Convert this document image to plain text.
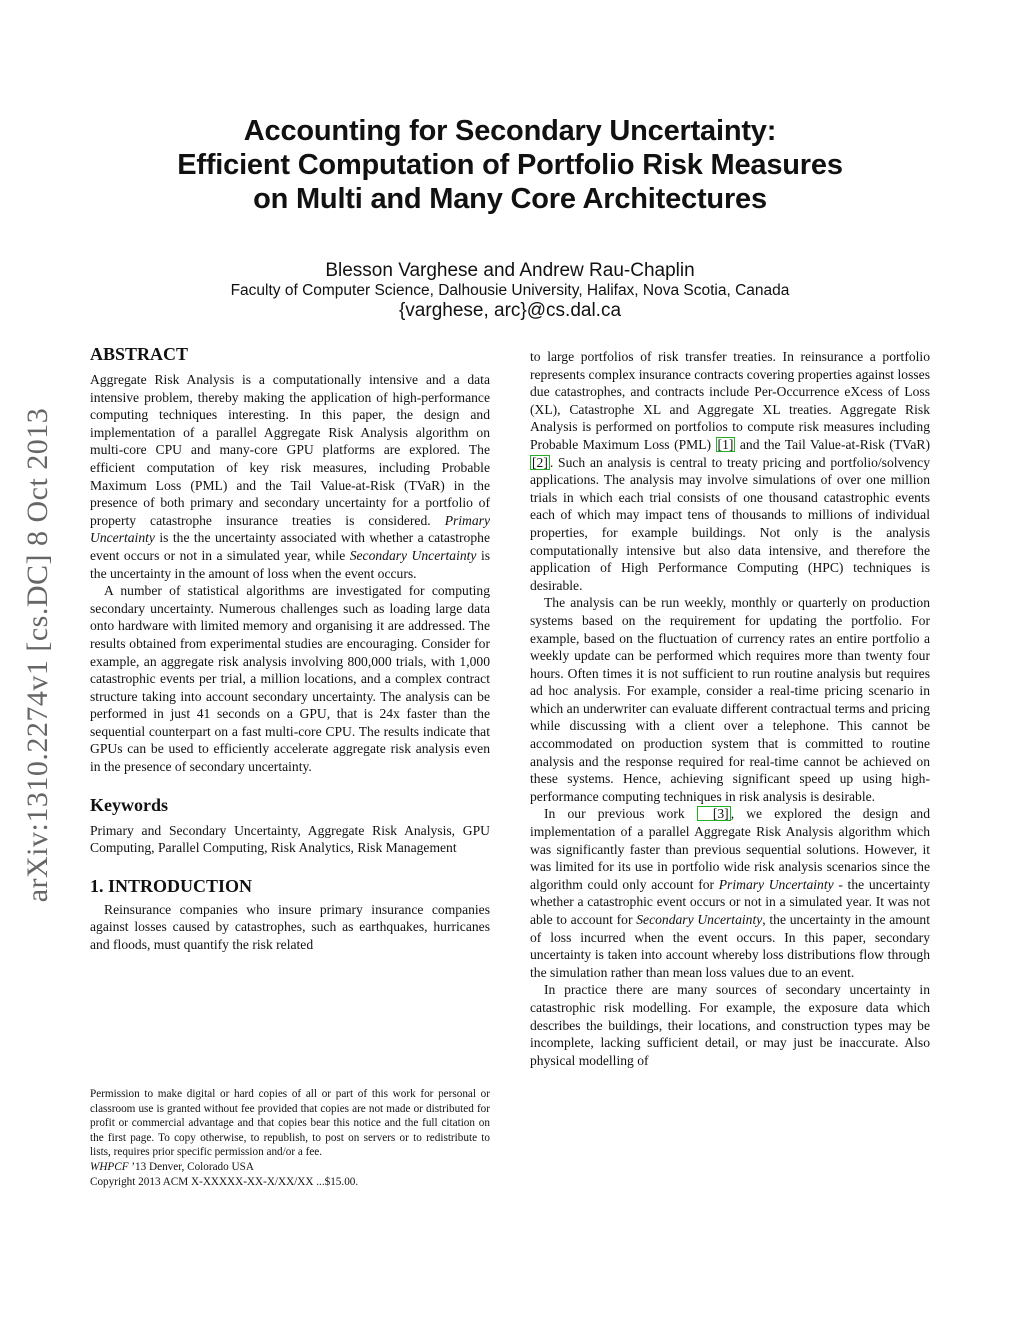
arXiv:1310.2274v1 [cs.DC] 8 Oct 2013
Accounting for Secondary Uncertainty:
Efficient Computation of Portfolio Risk Measures
on Multi and Many Core Architectures
Blesson Varghese and Andrew Rau-Chaplin
Faculty of Computer Science, Dalhousie University, Halifax, Nova Scotia, Canada
{varghese, arc}@cs.dal.ca
ABSTRACT

Aggregate Risk Analysis is a computationally intensive and a data intensive problem, thereby making the application of high-performance computing techniques interesting. In this paper, the design and implementation of a parallel Aggregate Risk Analysis algorithm on multi-core CPU and many-core GPU platforms are explored. The efficient computation of key risk measures, including Probable Maximum Loss (PML) and the Tail Value-at-Risk (TVaR) in the presence of both primary and secondary uncertainty for a portfolio of property catastrophe insurance treaties is considered. Primary Uncertainty is the the uncertainty associated with whether a catastrophe event occurs or not in a simulated year, while Secondary Uncertainty is the uncertainty in the amount of loss when the event occurs.

A number of statistical algorithms are investigated for computing secondary uncertainty. Numerous challenges such as loading large data onto hardware with limited memory and organising it are addressed. The results obtained from experimental studies are encouraging. Consider for example, an aggregate risk analysis involving 800,000 trials, with 1,000 catastrophic events per trial, a million locations, and a complex contract structure taking into account secondary uncertainty. The analysis can be performed in just 41 seconds on a GPU, that is 24x faster than the sequential counterpart on a fast multi-core CPU. The results indicate that GPUs can be used to efficiently accelerate aggregate risk analysis even in the presence of secondary uncertainty.

Keywords

Primary and Secondary Uncertainty, Aggregate Risk Analysis, GPU Computing, Parallel Computing, Risk Analytics, Risk Management

1. INTRODUCTION

Reinsurance companies who insure primary insurance companies against losses caused by catastrophes, such as earthquakes, hurricanes and floods, must quantify the risk related

Permission to make digital or hard copies of all or part of this work for personal or classroom use is granted without fee provided that copies are not made or distributed for profit or commercial advantage and that copies bear this notice and the full citation on the first page. To copy otherwise, to republish, to post on servers or to redistribute to lists, requires prior specific permission and/or a fee.

WHPCF ’13 Denver, Colorado USA

Copyright 2013 ACM X-XXXXX-XX-X/XX/XX ...$15.00.

to large portfolios of risk transfer treaties. In reinsurance a portfolio represents complex insurance contracts covering properties against losses due catastrophes, and contracts include Per-Occurrence eXcess of Loss (XL), Catastrophe XL and Aggregate XL treaties. Aggregate Risk Analysis is performed on portfolios to compute risk measures including Probable Maximum Loss (PML) [1] and the Tail Value-at-Risk (TVaR) [2] . Such an analysis is central to treaty pricing and portfolio/solvency applications. The analysis may involve simulations of over one million trials in which each trial consists of one thousand catastrophic events each of which may impact tens of thousands to millions of individual properties, for example buildings. Not only is the analysis computationally intensive but also data intensive, and therefore the application of High Performance Computing (HPC) techniques is desirable.

The analysis can be run weekly, monthly or quarterly on production systems based on the requirement for updating the portfolio. For example, based on the fluctuation of currency rates an entire portfolio a weekly update can be performed which requires more than twenty four hours. Often times it is not sufficient to run routine analysis but requires ad hoc analysis. For example, consider a real-time pricing scenario in which an underwriter can evaluate different contractual terms and pricing while discussing with a client over a telephone. This cannot be accommodated on production system that is committed to routine analysis and the response required for real-time cannot be achieved on these systems. Hence, achieving significant speed up using high-performance computing techniques in risk analysis is desirable.

In our previous work [3] , we explored the design and implementation of a parallel Aggregate Risk Analysis algorithm which was significantly faster than previous sequential solutions. However, it was limited for its use in portfolio wide risk analysis scenarios since the algorithm could only account for Primary Uncertainty - the uncertainty whether a catastrophic event occurs or not in a simulated year. It was not able to account for Secondary Uncertainty, the uncertainty in the amount of loss incurred when the event occurs. In this paper, secondary uncertainty is taken into account whereby loss distributions flow through the simulation rather than mean loss values due to an event.

In practice there are many sources of secondary uncertainty in catastrophic risk modelling. For example, the exposure data which describes the buildings, their locations, and construction types may be incomplete, lacking sufficient detail, or may just be inaccurate. Also physical modelling of
